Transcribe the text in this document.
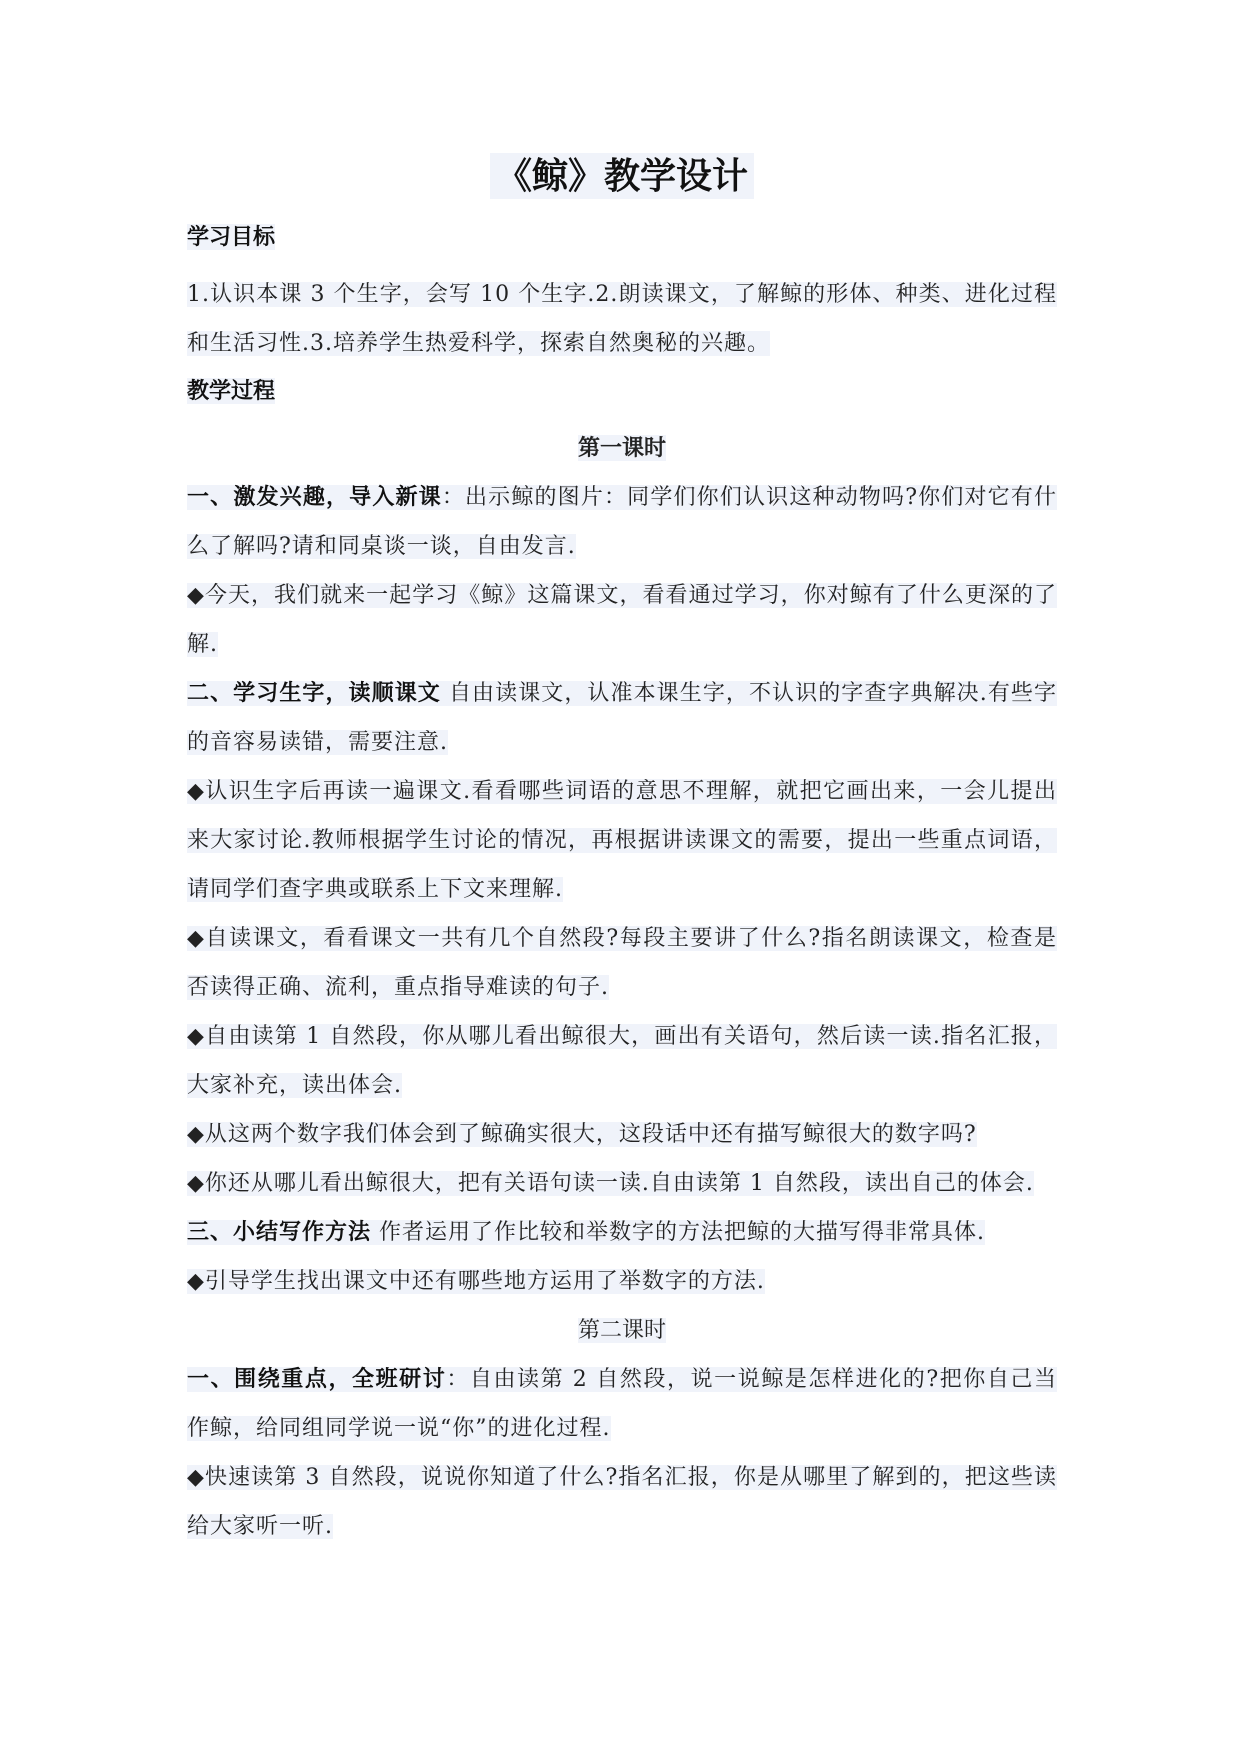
《鲸》教学设计
学习目标

1.认识本课 3 个生字，会写 10 个生字.2.朗读课文，了解鲸的形体、种类、进化过程和生活习性.3.培养学生热爱科学，探索自然奥秘的兴趣。

教学过程
第一课时

一、激发兴趣，导入新课：出示鲸的图片：同学们你们认识这种动物吗?你们对它有什么了解吗?请和同桌谈一谈，自由发言.

◆今天，我们就来一起学习《鲸》这篇课文，看看通过学习，你对鲸有了什么更深的了解.

二、学习生字，读顺课文 自由读课文，认准本课生字，不认识的字查字典解决.有些字的音容易读错，需要注意.

◆认识生字后再读一遍课文.看看哪些词语的意思不理解，就把它画出来，一会儿提出来大家讨论.教师根据学生讨论的情况，再根据讲读课文的需要，提出一些重点词语，请同学们查字典或联系上下文来理解.

◆自读课文，看看课文一共有几个自然段?每段主要讲了什么?指名朗读课文，检查是否读得正确、流利，重点指导难读的句子.

◆自由读第 1 自然段，你从哪儿看出鲸很大，画出有关语句，然后读一读.指名汇报，大家补充，读出体会.

◆从这两个数字我们体会到了鲸确实很大，这段话中还有描写鲸很大的数字吗?

◆你还从哪儿看出鲸很大，把有关语句读一读.自由读第 1 自然段，读出自己的体会.

三、小结写作方法 作者运用了作比较和举数字的方法把鲸的大描写得非常具体.

◆引导学生找出课文中还有哪些地方运用了举数字的方法.

第二课时

一、围绕重点，全班研讨：自由读第 2 自然段，说一说鲸是怎样进化的?把你自己当作鲸，给同组同学说一说“你”的进化过程.

◆快速读第 3 自然段，说说你知道了什么?指名汇报，你是从哪里了解到的，把这些读给大家听一听.
